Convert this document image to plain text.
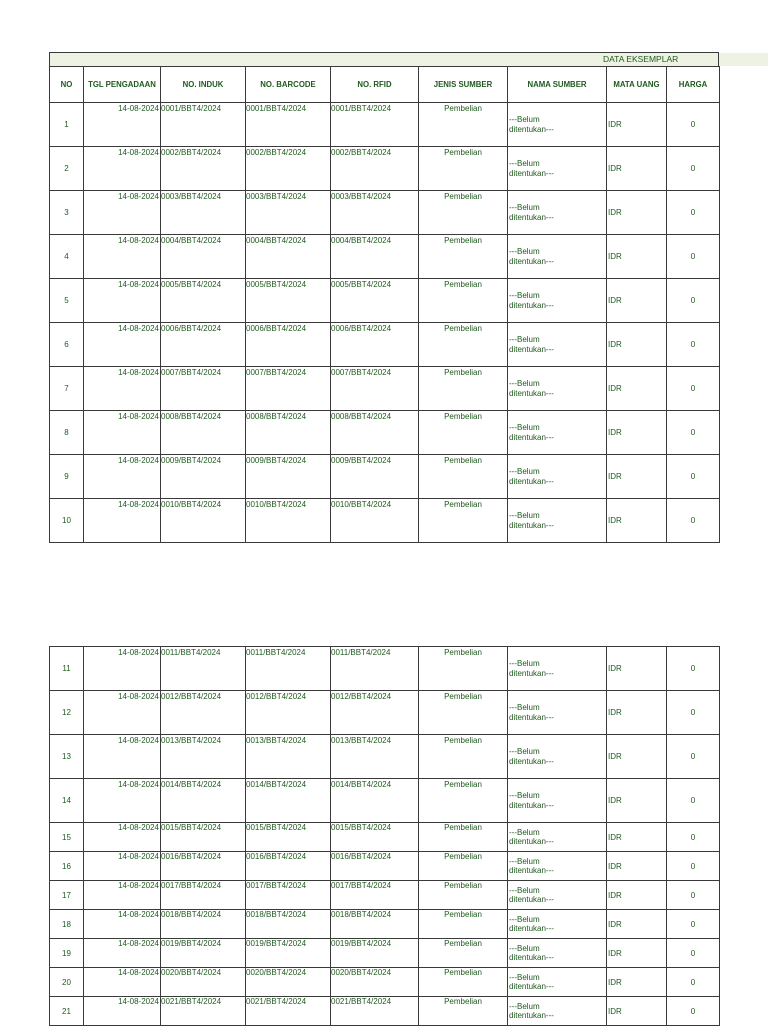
DATA EKSEMPLAR
NO	TGL PENGADAAN	NO. INDUK	NO. BARCODE	NO. RFID	JENIS SUMBER	NAMA SUMBER	MATA UANG	HARGA
1	14-08-2024	0001/BBT4/2024	0001/BBT4/2024	0001/BBT4/2024	Pembelian	---Belum
ditentukan---	IDR	0
2	14-08-2024	0002/BBT4/2024	0002/BBT4/2024	0002/BBT4/2024	Pembelian	---Belum
ditentukan---	IDR	0
3	14-08-2024	0003/BBT4/2024	0003/BBT4/2024	0003/BBT4/2024	Pembelian	---Belum
ditentukan---	IDR	0
4	14-08-2024	0004/BBT4/2024	0004/BBT4/2024	0004/BBT4/2024	Pembelian	---Belum
ditentukan---	IDR	0
5	14-08-2024	0005/BBT4/2024	0005/BBT4/2024	0005/BBT4/2024	Pembelian	---Belum
ditentukan---	IDR	0
6	14-08-2024	0006/BBT4/2024	0006/BBT4/2024	0006/BBT4/2024	Pembelian	---Belum
ditentukan---	IDR	0
7	14-08-2024	0007/BBT4/2024	0007/BBT4/2024	0007/BBT4/2024	Pembelian	---Belum
ditentukan---	IDR	0
8	14-08-2024	0008/BBT4/2024	0008/BBT4/2024	0008/BBT4/2024	Pembelian	---Belum
ditentukan---	IDR	0
9	14-08-2024	0009/BBT4/2024	0009/BBT4/2024	0009/BBT4/2024	Pembelian	---Belum
ditentukan---	IDR	0
10	14-08-2024	0010/BBT4/2024	0010/BBT4/2024	0010/BBT4/2024	Pembelian	---Belum
ditentukan---	IDR	0
11	14-08-2024	0011/BBT4/2024	0011/BBT4/2024	0011/BBT4/2024	Pembelian	---Belum
ditentukan---	IDR	0
12	14-08-2024	0012/BBT4/2024	0012/BBT4/2024	0012/BBT4/2024	Pembelian	---Belum
ditentukan---	IDR	0
13	14-08-2024	0013/BBT4/2024	0013/BBT4/2024	0013/BBT4/2024	Pembelian	---Belum
ditentukan---	IDR	0
14	14-08-2024	0014/BBT4/2024	0014/BBT4/2024	0014/BBT4/2024	Pembelian	---Belum
ditentukan---	IDR	0
15	14-08-2024	0015/BBT4/2024	0015/BBT4/2024	0015/BBT4/2024	Pembelian	---Belum
ditentukan---	IDR	0
16	14-08-2024	0016/BBT4/2024	0016/BBT4/2024	0016/BBT4/2024	Pembelian	---Belum
ditentukan---	IDR	0
17	14-08-2024	0017/BBT4/2024	0017/BBT4/2024	0017/BBT4/2024	Pembelian	---Belum
ditentukan---	IDR	0
18	14-08-2024	0018/BBT4/2024	0018/BBT4/2024	0018/BBT4/2024	Pembelian	---Belum
ditentukan---	IDR	0
19	14-08-2024	0019/BBT4/2024	0019/BBT4/2024	0019/BBT4/2024	Pembelian	---Belum
ditentukan---	IDR	0
20	14-08-2024	0020/BBT4/2024	0020/BBT4/2024	0020/BBT4/2024	Pembelian	---Belum
ditentukan---	IDR	0
21	14-08-2024	0021/BBT4/2024	0021/BBT4/2024	0021/BBT4/2024	Pembelian	---Belum
ditentukan---	IDR	0
